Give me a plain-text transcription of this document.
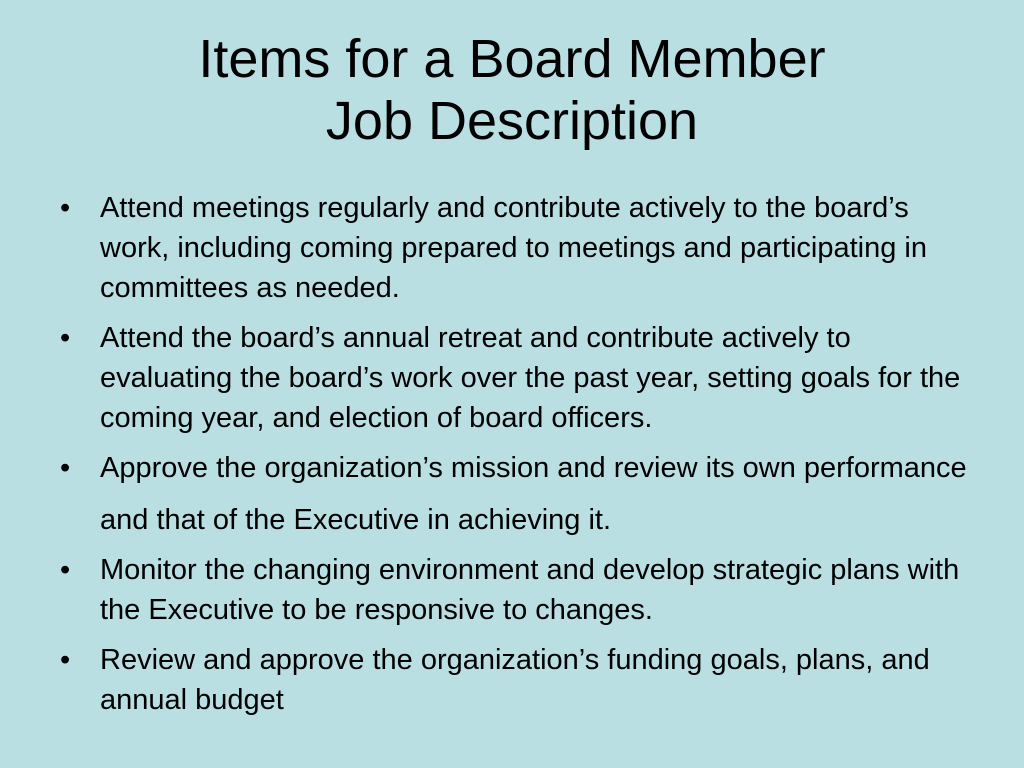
Items for a Board Member
Job Description
• Attend meetings regularly and contribute actively to the board’s work, including coming prepared to meetings and participating in committees as needed.
• Attend the board’s annual retreat and contribute actively to evaluating the board’s work over the past year, setting goals for the coming year, and election of board officers.
• Approve the organization’s mission and review its own performance and that of the Executive in achieving it.
• Monitor the changing environment and develop strategic plans with the Executive to be responsive to changes.
• Review and approve the organization’s funding goals, plans, and annual budget
